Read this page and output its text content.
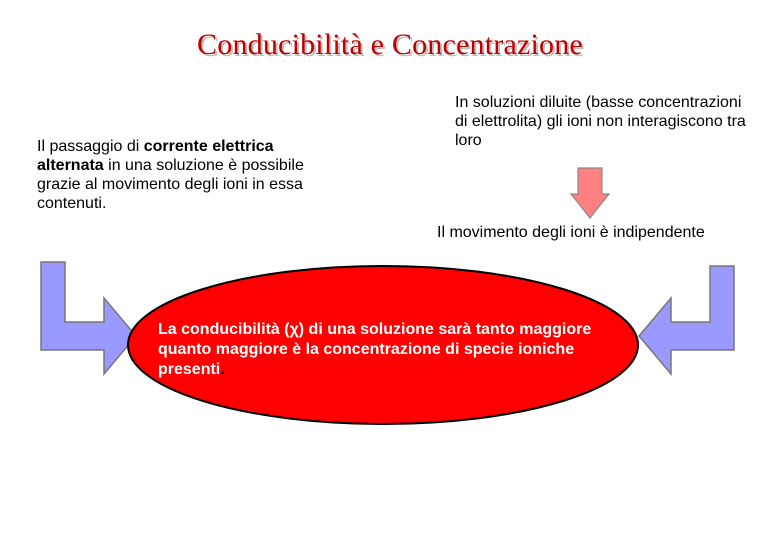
Conducibilità e Concentrazione
Il passaggio di corrente elettrica alternata in una soluzione è possibile grazie al movimento degli ioni in essa contenuti.
In soluzioni diluite (basse concentrazioni di elettrolita) gli ioni non interagiscono tra loro
Il movimento degli ioni è indipendente
La conducibilità (χ) di una soluzione sarà tanto maggiore quanto maggiore è la concentrazione di specie ioniche presenti.
